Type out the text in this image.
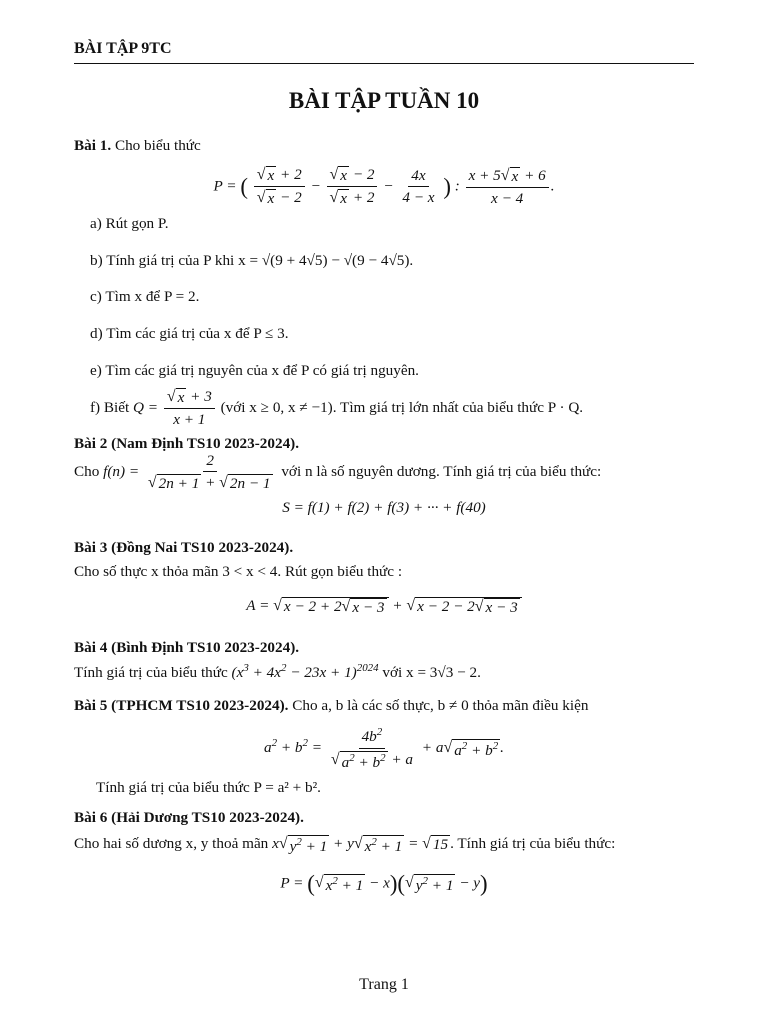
BÀI TẬP 9TC
BÀI TẬP TUẦN 10
Bài 1. Cho biểu thức
P = ( $\frac{√ x + 2}{√ x - 2} - \frac{√ x - 2}{√ x + 2} - \frac{4x}{4 - x}$ ) : $\frac{x + 5 √ x + 6}{x - 4}$ .
a) Rút gọn P.
b) Tính giá trị của P khi x = √(9 + 4√5) − √(9 − 4√5).
c) Tìm x để P = 2.
d) Tìm các giá trị của x để P ≤ 3.
e) Tìm các giá trị nguyên của x để P có giá trị nguyên.
f) Biết $Q = \frac{√ x + 3}{x + 1}$ (với x ≥ 0, x ≠ −1). Tìm giá trị lớn nhất của biểu thức P · Q.
Bài 2 (Nam Định TS10 2023-2024).
Cho $f(n) = \frac{2}{√ 2n + 1 + √ 2n - 1}$ với n là số nguyên dương. Tính giá trị của biểu thức:
S = f(1) + f(2) + f(3) + ··· + f(40)
Bài 3 (Đồng Nai TS10 2023-2024).
Cho số thực x thỏa mãn 3 < x < 4. Rút gọn biểu thức :
A = √ x − 2 + 2 √ x − 3 + √ x − 2 − 2 √ x − 3
Bài 4 (Bình Định TS10 2023-2024).
Tính giá trị của biểu thức $(x^3 + 4x^2 - 23x + 1)^{2024}$ với x = 3√3 − 2.
Bài 5 (TPHCM TS10 2023-2024). Cho a, b là các số thực, b ≠ 0 thỏa mãn điều kiện
$a^2 + b^2 = \frac{4b^2}{√ a^2 + b^2 + a} + a$ √ $a^2 + b^2$ .
Tính giá trị của biểu thức P = a² + b².
Bài 6 (Hải Dương TS10 2023-2024).
Cho hai số dương x, y thoả mãn x √ $y^2 + 1 + y$ √ $x^2 + 1$ = √ 15 . Tính giá trị của biểu thức:
P = ( √ $x^2 + 1 - x$)( √ $y^2 + 1 - y$)
Trang 1
